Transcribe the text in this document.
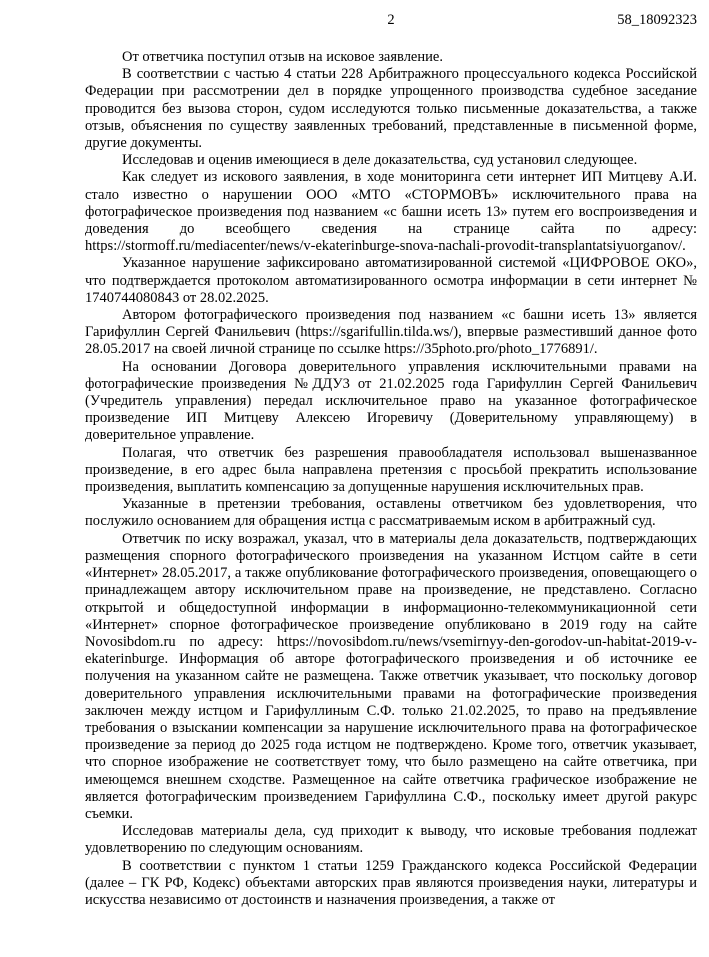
2	58_18092323

От ответчика поступил отзыв на исковое заявление.

В соответствии с частью 4 статьи 228 Арбитражного процессуального кодекса Российской Федерации при рассмотрении дел в порядке упрощенного производства судебное заседание проводится без вызова сторон, судом исследуются только письменные доказательства, а также отзыв, объяснения по существу заявленных требований, представленные в письменной форме, другие документы.

Исследовав и оценив имеющиеся в деле доказательства, суд установил следующее.

Как следует из искового заявления, в ходе мониторинга сети интернет ИП Митцеву А.И. стало известно о нарушении ООО «МТО «СТОРМОВЪ» исключительного права на фотографическое произведения под названием «с башни исеть 13» путем его воспроизведения и доведения до всеобщего сведения на странице сайта по адресу: https://stormoff.ru/mediacenter/news/v-ekaterinburge-snova-nachali-provodit-transplantatsiyuorganov/.

Указанное нарушение зафиксировано автоматизированной системой «ЦИФРОВОЕ ОКО», что подтверждается протоколом автоматизированного осмотра информации в сети интернет № 1740744080843 от 28.02.2025.

Автором фотографического произведения под названием «с башни исеть 13» является Гарифуллин Сергей Фанильевич (https://sgarifullin.tilda.ws/), впервые разместивший данное фото 28.05.2017 на своей личной странице по ссылке https://35photo.pro/photo_1776891/.

На основании Договора доверительного управления исключительными правами на фотографические произведения №ДДУ3 от 21.02.2025 года Гарифуллин Сергей Фанильевич (Учредитель управления) передал исключительное право на указанное фотографическое произведение ИП Митцеву Алексею Игоревичу (Доверительному управляющему) в доверительное управление.

Полагая, что ответчик без разрешения правообладателя использовал вышеназванное произведение, в его адрес была направлена претензия с просьбой прекратить использование произведения, выплатить компенсацию за допущенные нарушения исключительных прав.

Указанные в претензии требования, оставлены ответчиком без удовлетворения, что послужило основанием для обращения истца с рассматриваемым иском в арбитражный суд.

Ответчик по иску возражал, указал, что в материалы дела доказательств, подтверждающих размещения спорного фотографического произведения на указанном Истцом сайте в сети «Интернет» 28.05.2017, а также опубликование фотографического произведения, оповещающего о принадлежащем автору исключительном праве на произведение, не представлено. Согласно открытой и общедоступной информации в информационно-телекоммуникационной сети «Интернет» спорное фотографическое произведение опубликовано в 2019 году на сайте Novosibdom.ru по адресу: https://novosibdom.ru/news/vsemirnyy-den-gorodov-un-habitat-2019-v-ekaterinburge. Информация об авторе фотографического произведения и об источнике ее получения на указанном сайте не размещена. Также ответчик указывает, что поскольку договор доверительного управления исключительными правами на фотографические произведения заключен между истцом и Гарифуллиным С.Ф. только 21.02.2025, то право на предъявление требования о взыскании компенсации за нарушение исключительного права на фотографическое произведение за период до 2025 года истцом не подтверждено. Кроме того, ответчик указывает, что спорное изображение не соответствует тому, что было размещено на сайте ответчика, при имеющемся внешнем сходстве. Размещенное на сайте ответчика графическое изображение не является фотографическим произведением Гарифуллина С.Ф., поскольку имеет другой ракурс съемки.

Исследовав материалы дела, суд приходит к выводу, что исковые требования подлежат удовлетворению по следующим основаниям.

В соответствии с пунктом 1 статьи 1259 Гражданского кодекса Российской Федерации (далее – ГК РФ, Кодекс) объектами авторских прав являются произведения науки, литературы и искусства независимо от достоинств и назначения произведения, а также от
